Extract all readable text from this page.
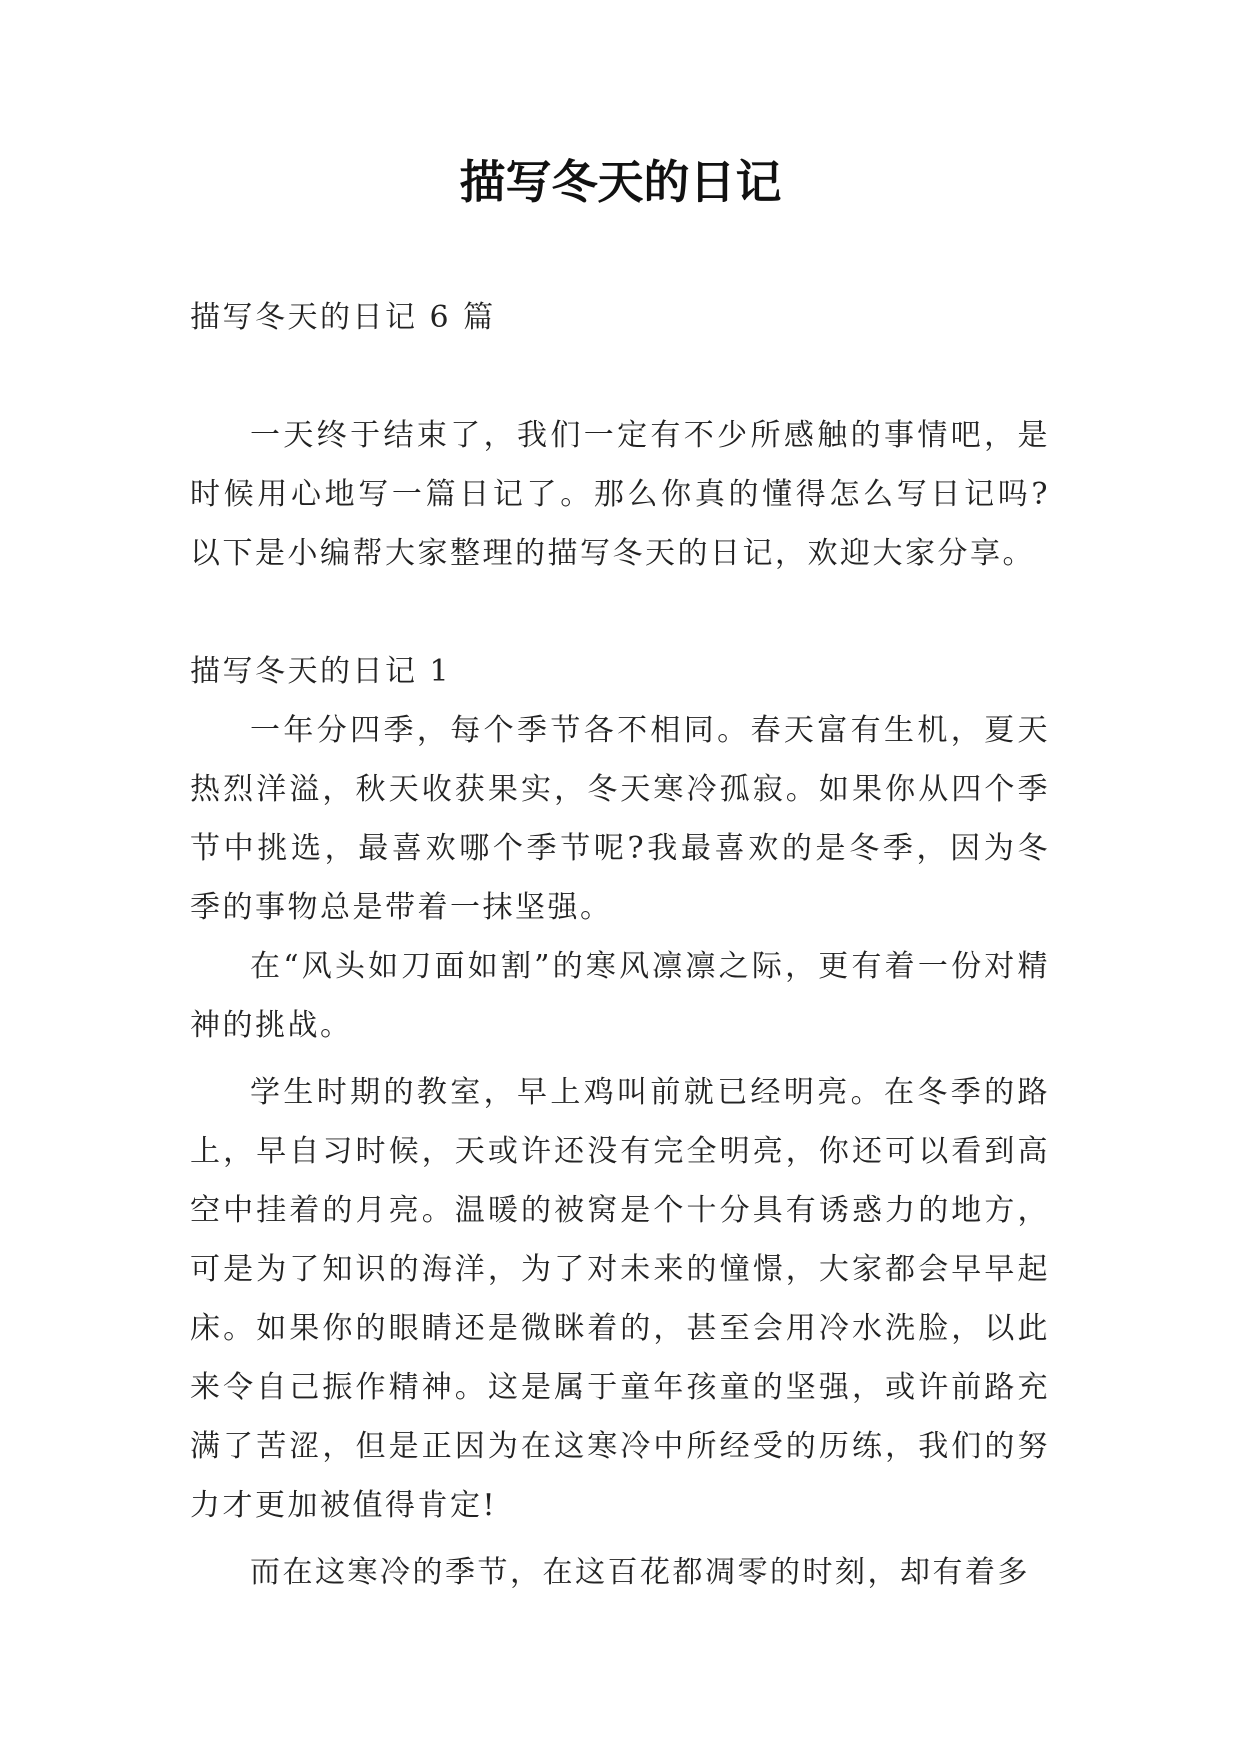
描写冬天的日记

描写冬天的日记 6 篇

一天终于结束了，我们一定有不少所感触的事情吧，是时候用心地写一篇日记了。那么你真的懂得怎么写日记吗?以下是小编帮大家整理的描写冬天的日记，欢迎大家分享。

描写冬天的日记 1

一年分四季，每个季节各不相同。春天富有生机，夏天热烈洋溢，秋天收获果实，冬天寒冷孤寂。如果你从四个季节中挑选，最喜欢哪个季节呢?我最喜欢的是冬季，因为冬季的事物总是带着一抹坚强。

在“风头如刀面如割”的寒风凛凛之际，更有着一份对精神的挑战。

学生时期的教室，早上鸡叫前就已经明亮。在冬季的路上，早自习时候，天或许还没有完全明亮，你还可以看到高空中挂着的月亮。温暖的被窝是个十分具有诱惑力的地方，可是为了知识的海洋，为了对未来的憧憬，大家都会早早起床。如果你的眼睛还是微眯着的，甚至会用冷水洗脸，以此来令自己振作精神。这是属于童年孩童的坚强，或许前路充满了苦涩，但是正因为在这寒冷中所经受的历练，我们的努力才更加被值得肯定!

而在这寒冷的季节，在这百花都凋零的时刻，却有着多
